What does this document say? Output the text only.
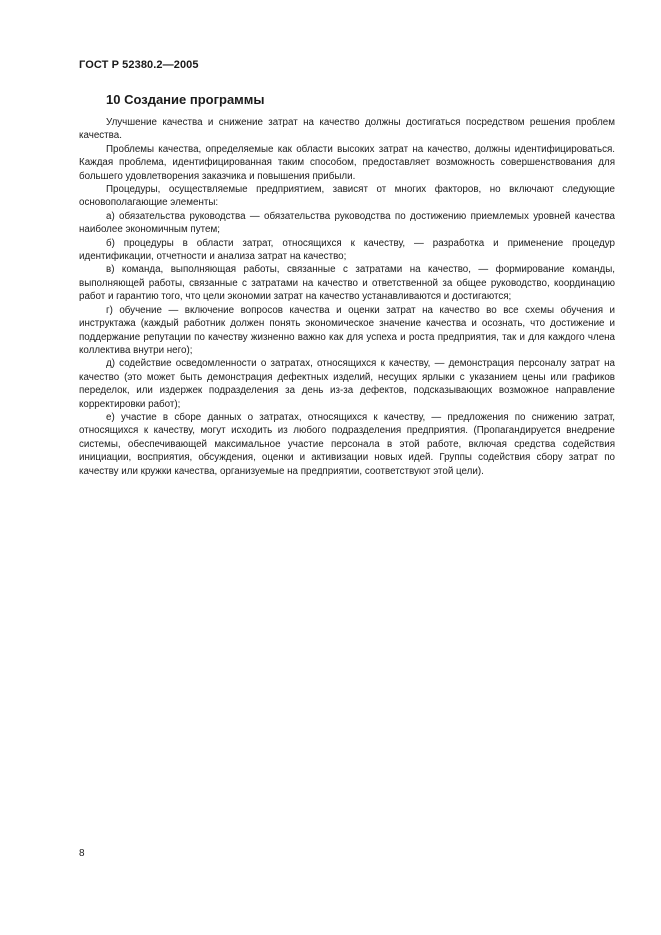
ГОСТ Р 52380.2—2005
10 Создание программы

Улучшение качества и снижение затрат на качество должны достигаться посредством решения проблем качества.

Проблемы качества, определяемые как области высоких затрат на качество, должны идентифицироваться. Каждая проблема, идентифицированная таким способом, предоставляет возможность совершенствования для большего удовлетворения заказчика и повышения прибыли.

Процедуры, осуществляемые предприятием, зависят от многих факторов, но включают следующие основополагающие элементы:

а) обязательства руководства — обязательства руководства по достижению приемлемых уровней качества наиболее экономичным путем;

б) процедуры в области затрат, относящихся к качеству, — разработка и применение процедур идентификации, отчетности и анализа затрат на качество;

в) команда, выполняющая работы, связанные с затратами на качество, — формирование команды, выполняющей работы, связанные с затратами на качество и ответственной за общее руководство, координацию работ и гарантию того, что цели экономии затрат на качество устанавливаются и достигаются;

г) обучение — включение вопросов качества и оценки затрат на качество во все схемы обучения и инструктажа (каждый работник должен понять экономическое значение качества и осознать, что достижение и поддержание репутации по качеству жизненно важно как для успеха и роста предприятия, так и для каждого члена коллектива внутри него);

д) содействие осведомленности о затратах, относящихся к качеству, — демонстрация персоналу затрат на качество (это может быть демонстрация дефектных изделий, несущих ярлыки с указанием цены или графиков переделок, или издержек подразделения за день из-за дефектов, подсказывающих возможное направление корректировки работ);

е) участие в сборе данных о затратах, относящихся к качеству, — предложения по снижению затрат, относящихся к качеству, могут исходить из любого подразделения предприятия. (Пропагандируется внедрение системы, обеспечивающей максимальное участие персонала в этой работе, включая средства содействия инициации, восприятия, обсуждения, оценки и активизации новых идей. Группы содействия сбору затрат по качеству или кружки качества, организуемые на предприятии, соответствуют этой цели).

8
